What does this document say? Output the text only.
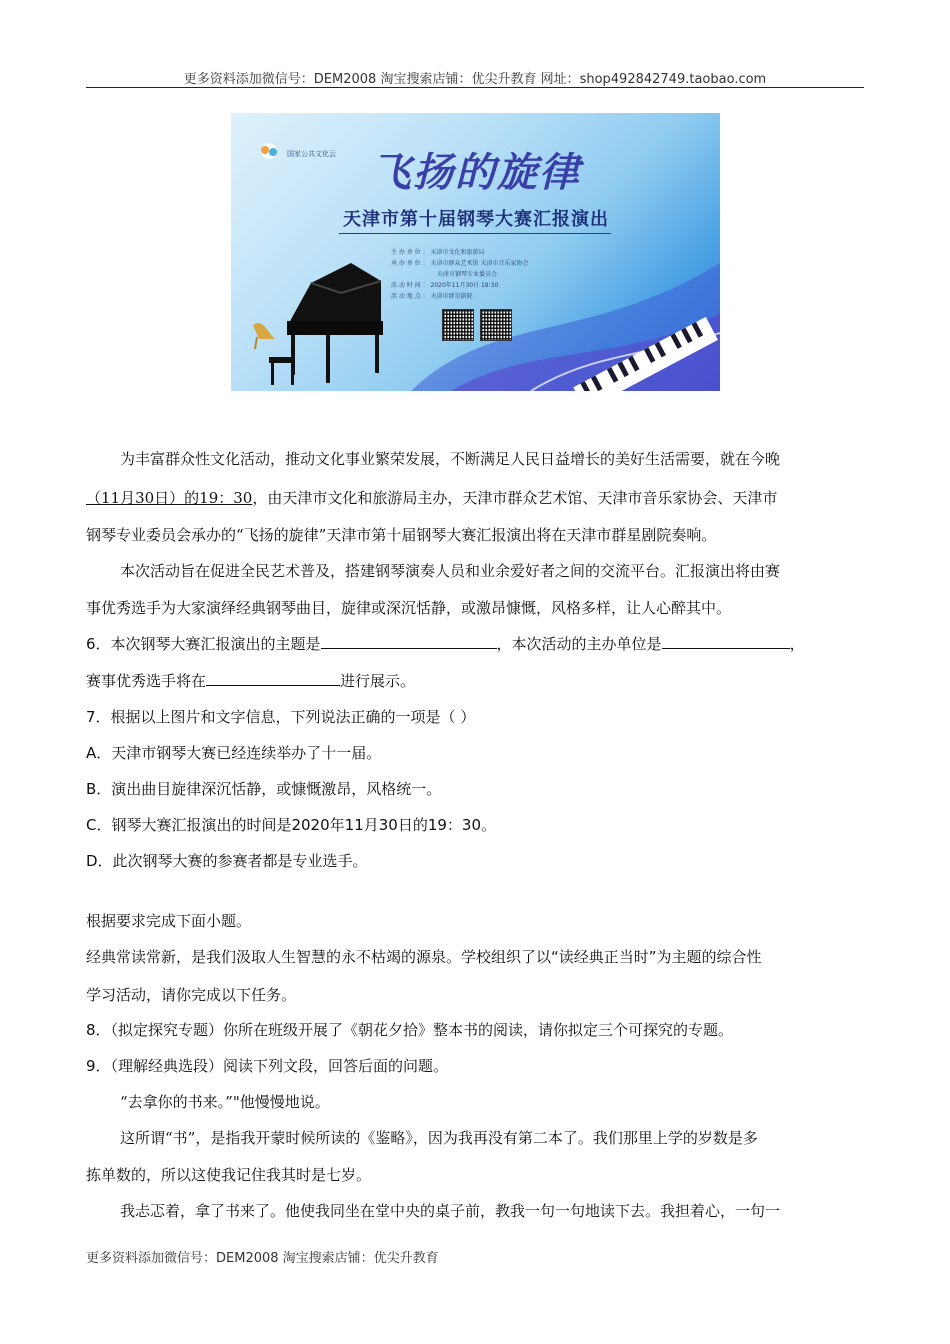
更多资料添加微信号：DEM2008 淘宝搜索店铺：优尖升教育 网址：shop492842749.taobao.com
国家公共文化云 飞扬的旋律
天津市第十届钢琴大赛汇报演出
主 办 单 位 ： 天津市文化和旅游局
承 办 单 位 ： 天津市群众艺术馆 天津市音乐家协会
天津市钢琴专业委员会
活 动 时 间 ： 2020年11月30日 19:30
活 动 地 点 ： 天津市群星剧院
为丰富群众性文化活动，推动文化事业繁荣发展，不断满足人民日益增长的美好生活需要，就在今晚
（11月30日）的19：30，由天津市文化和旅游局主办，天津市群众艺术馆、天津市音乐家协会、天津市
钢琴专业委员会承办的“飞扬的旋律”天津市第十届钢琴大赛汇报演出将在天津市群星剧院奏响。
本次活动旨在促进全民艺术普及，搭建钢琴演奏人员和业余爱好者之间的交流平台。汇报演出将由赛
事优秀选手为大家演绎经典钢琴曲目，旋律或深沉恬静，或激昂慷慨，风格多样，让人心醉其中。
6．本次钢琴大赛汇报演出的主题是	，本次活动的主办单位是	，
赛事优秀选手将在	进行展示。
7．根据以上图片和文字信息，下列说法正确的一项是（ ）
A．天津市钢琴大赛已经连续举办了十一届。
B．演出曲目旋律深沉恬静，或慷慨激昂，风格统一。
C．钢琴大赛汇报演出的时间是2020年11月30日的19：30。
D．此次钢琴大赛的参赛者都是专业选手。
根据要求完成下面小题。
经典常读常新，是我们汲取人生智慧的永不枯竭的源泉。学校组织了以“读经典正当时”为主题的综合性
学习活动，请你完成以下任务。
8．（拟定探究专题）你所在班级开展了《朝花夕拾》整本书的阅读，请你拟定三个可探究的专题。
9．（理解经典选段）阅读下列文段，回答后面的问题。
“去拿你的书来。”"他慢慢地说。
这所谓“书”，是指我开蒙时候所读的《鉴略》，因为我再没有第二本了。我们那里上学的岁数是多
拣单数的，所以这使我记住我其时是七岁。
我忐忑着，拿了书来了。他使我同坐在堂中央的桌子前，教我一句一句地读下去。我担着心，一句一
更多资料添加微信号：DEM2008 淘宝搜索店铺：优尖升教育
